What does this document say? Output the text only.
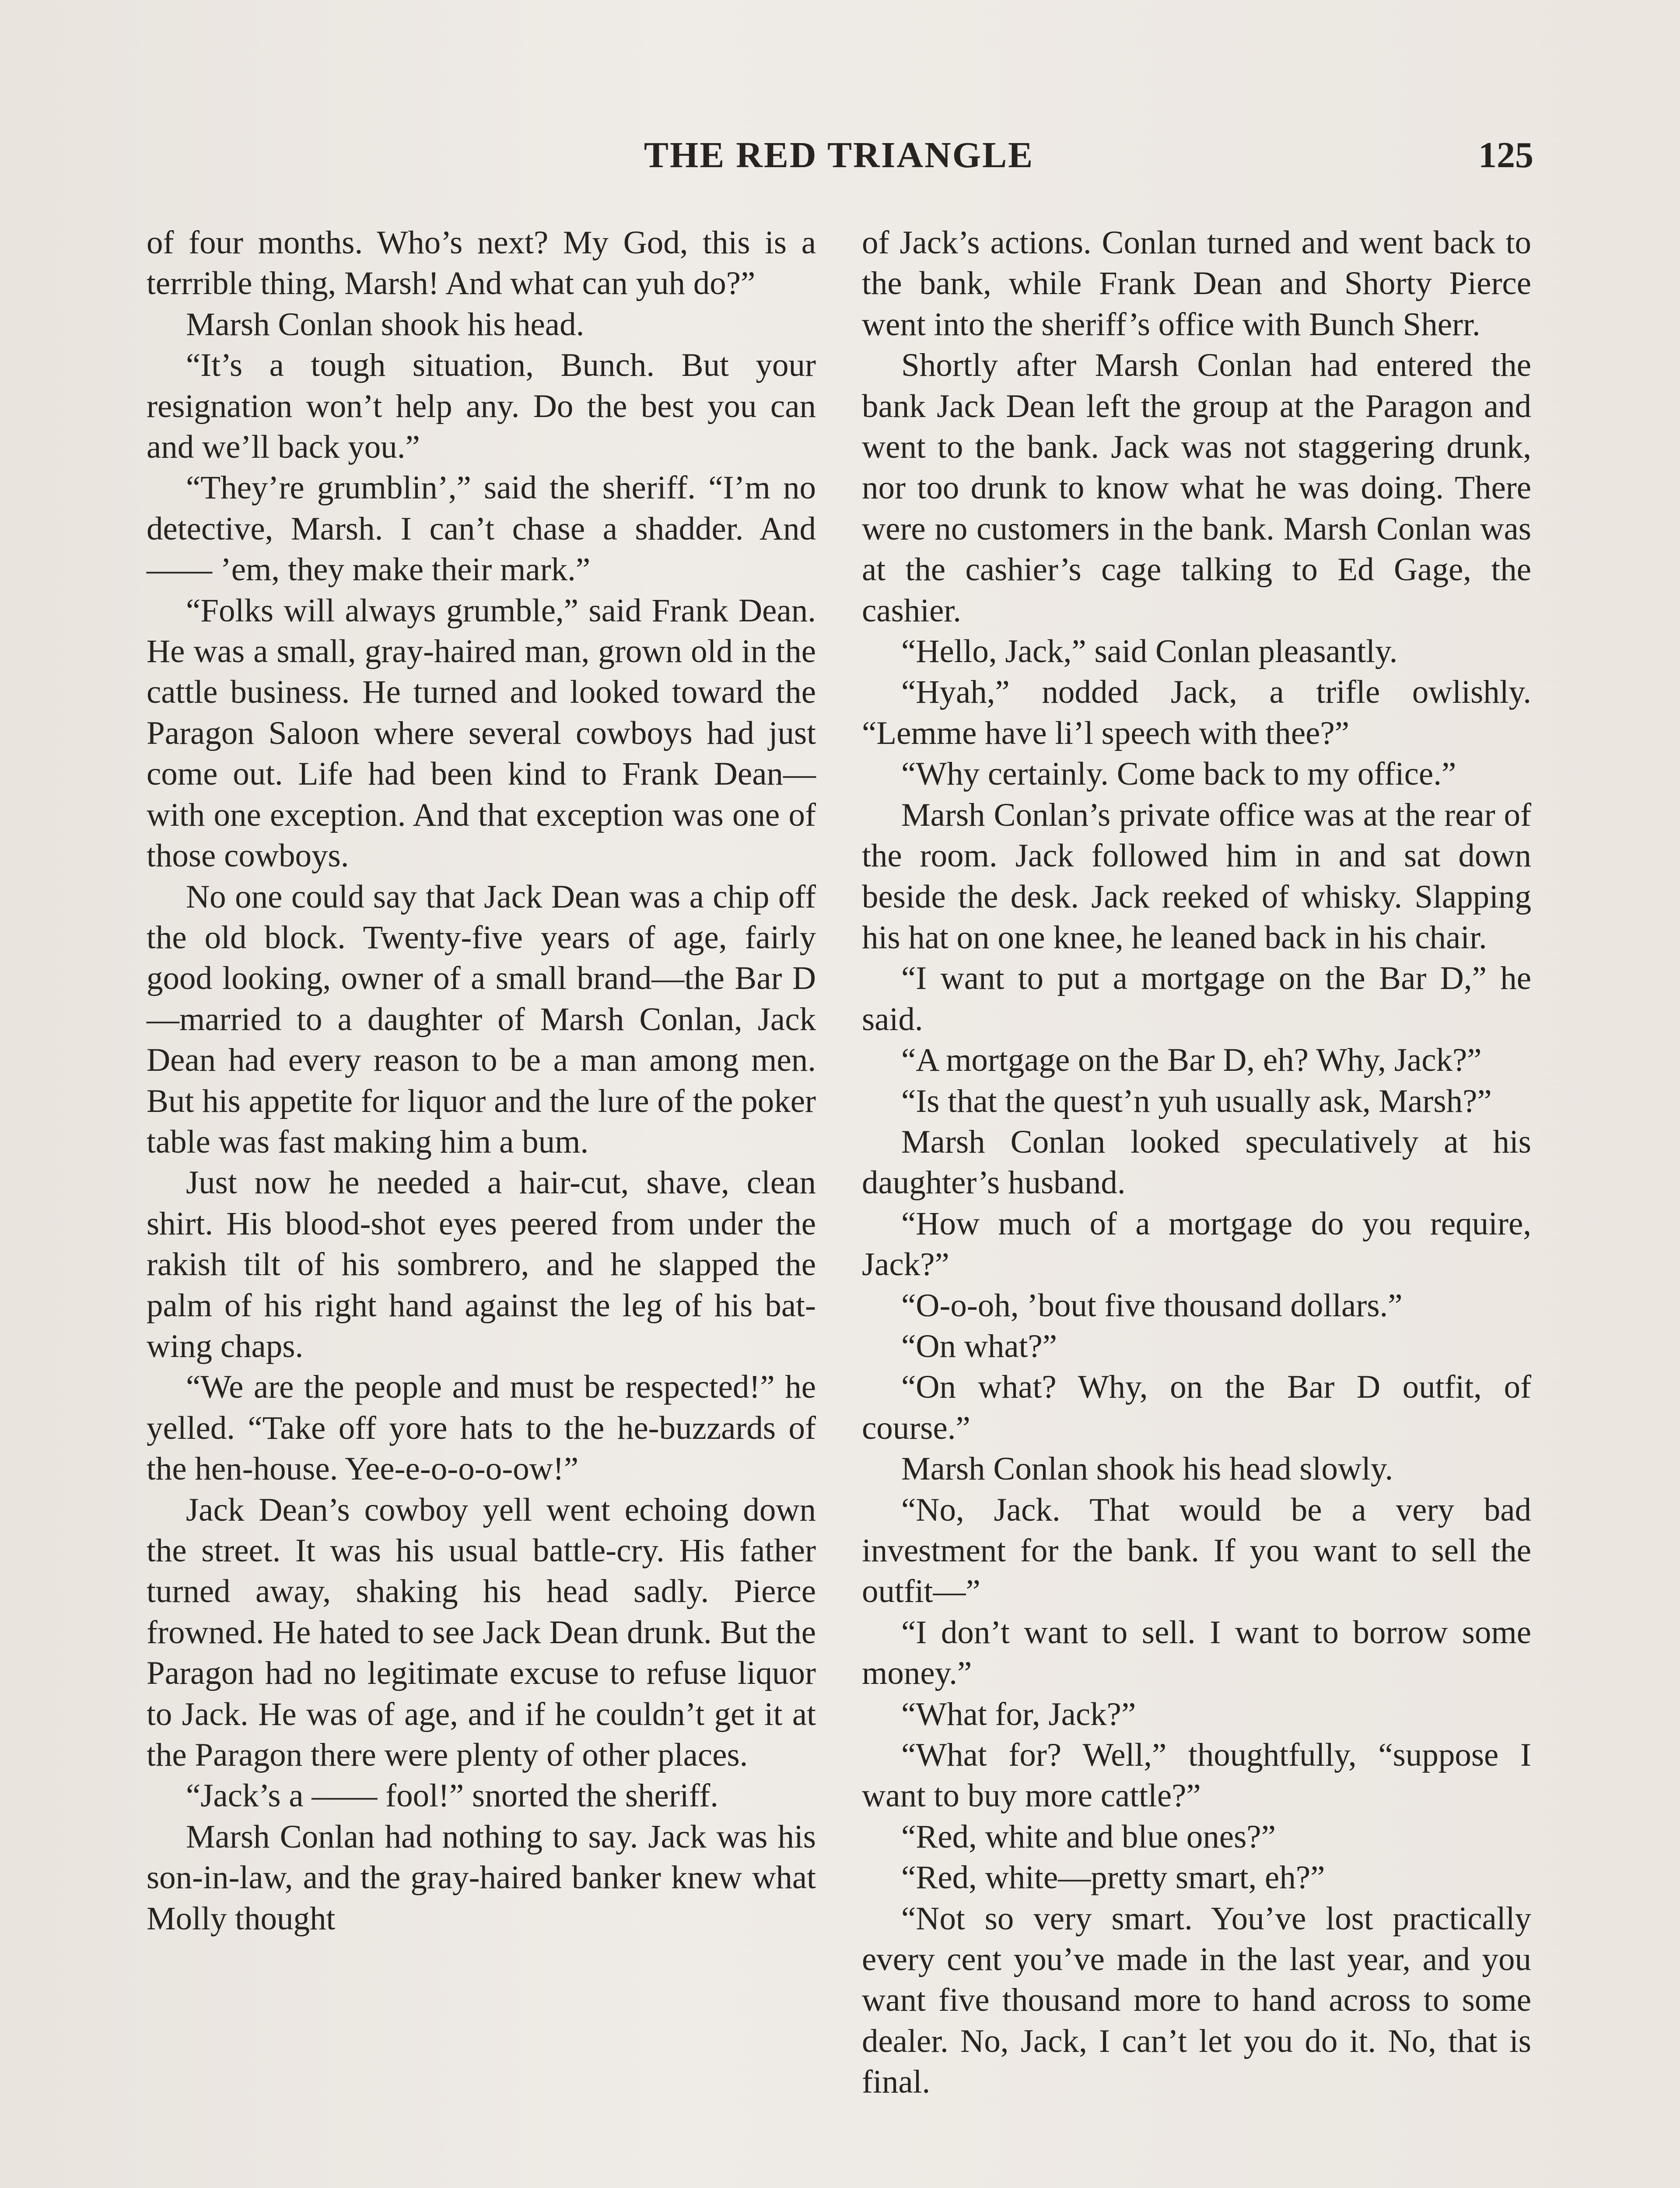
THE RED TRIANGLE	125

of four months. Who’s next? My God, this is a terrrible thing, Marsh! And what can yuh do?”

Marsh Conlan shook his head.

“It’s a tough situation, Bunch. But your resignation won’t help any. Do the best you can and we’ll back you.”

“They’re grumblin’,” said the sheriff. “I’m no detective, Marsh. I can’t chase a shadder. And —— ’em, they make their mark.”

“Folks will always grumble,” said Frank Dean. He was a small, gray-haired man, grown old in the cattle business. He turned and looked toward the Paragon Saloon where several cowboys had just come out. Life had been kind to Frank Dean—with one exception. And that exception was one of those cowboys.

No one could say that Jack Dean was a chip off the old block. Twenty-five years of age, fairly good looking, owner of a small brand—the Bar D—married to a daughter of Marsh Conlan, Jack Dean had every reason to be a man among men. But his appetite for liquor and the lure of the poker table was fast making him a bum.

Just now he needed a hair-cut, shave, clean shirt. His blood-shot eyes peered from under the rakish tilt of his sombrero, and he slapped the palm of his right hand against the leg of his bat-wing chaps.

“We are the people and must be respected!” he yelled. “Take off yore hats to the he-buzzards of the hen-house. Yee-e-o-o-o-ow!”

Jack Dean’s cowboy yell went echoing down the street. It was his usual battle-cry. His father turned away, shaking his head sadly. Pierce frowned. He hated to see Jack Dean drunk. But the Paragon had no legitimate excuse to refuse liquor to Jack. He was of age, and if he couldn’t get it at the Paragon there were plenty of other places.

“Jack’s a —— fool!” snorted the sheriff.

Marsh Conlan had nothing to say. Jack was his son-in-law, and the gray-haired banker knew what Molly thought

of Jack’s actions. Conlan turned and went back to the bank, while Frank Dean and Shorty Pierce went into the sheriff’s office with Bunch Sherr.

Shortly after Marsh Conlan had entered the bank Jack Dean left the group at the Paragon and went to the bank. Jack was not staggering drunk, nor too drunk to know what he was doing. There were no customers in the bank. Marsh Conlan was at the cashier’s cage talking to Ed Gage, the cashier.

“Hello, Jack,” said Conlan pleasantly.

“Hyah,” nodded Jack, a trifle owlishly. “Lemme have li’l speech with thee?”

“Why certainly. Come back to my office.”

Marsh Conlan’s private office was at the rear of the room. Jack followed him in and sat down beside the desk. Jack reeked of whisky. Slapping his hat on one knee, he leaned back in his chair.

“I want to put a mortgage on the Bar D,” he said.

“A mortgage on the Bar D, eh? Why, Jack?”

“Is that the quest’n yuh usually ask, Marsh?”

Marsh Conlan looked speculatively at his daughter’s husband.

“How much of a mortgage do you require, Jack?”

“O-o-oh, ’bout five thousand dollars.”

“On what?”

“On what? Why, on the Bar D outfit, of course.”

Marsh Conlan shook his head slowly.

“No, Jack. That would be a very bad investment for the bank. If you want to sell the outfit—”

“I don’t want to sell. I want to borrow some money.”

“What for, Jack?”

“What for? Well,” thoughtfully, “suppose I want to buy more cattle?”

“Red, white and blue ones?”

“Red, white—pretty smart, eh?”

“Not so very smart. You’ve lost practically every cent you’ve made in the last year, and you want five thousand more to hand across to some dealer. No, Jack, I can’t let you do it. No, that is final.
